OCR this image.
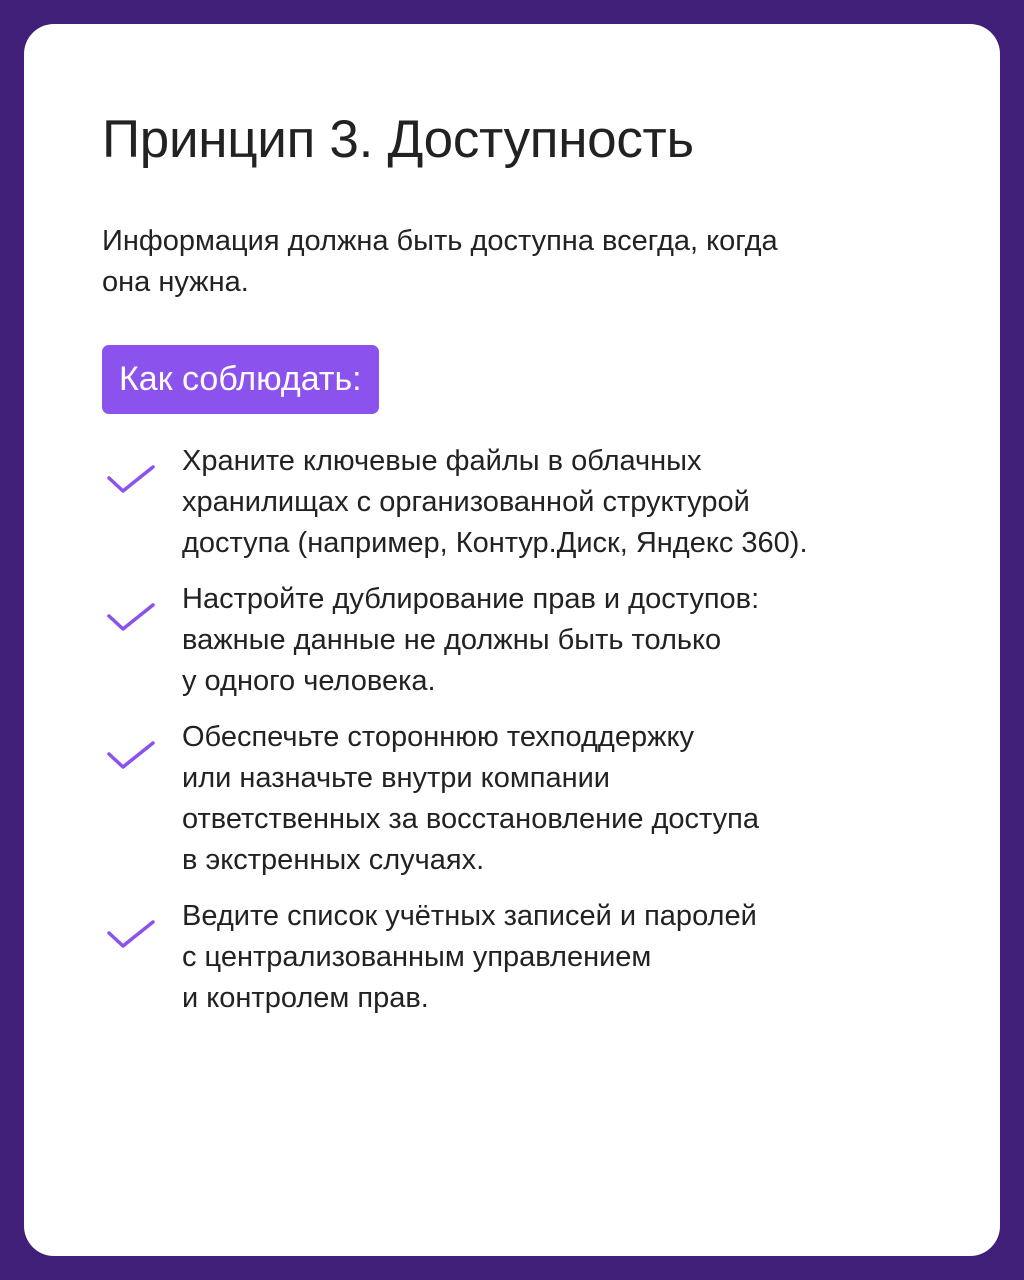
Принцип 3. Доступность

Информация должна быть доступна всегда, когда
она нужна.

Как соблюдать:

Храните ключевые файлы в облачных
хранилищах с организованной структурой
доступа (например, Контур.Диск, Яндекс 360).

Настройте дублирование прав и доступов:
важные данные не должны быть только
у одного человека.

Обеспечьте стороннюю техподдержку
или назначьте внутри компании
ответственных за восстановление доступа
в экстренных случаях.

Ведите список учётных записей и паролей
с централизованным управлением
и контролем прав.
